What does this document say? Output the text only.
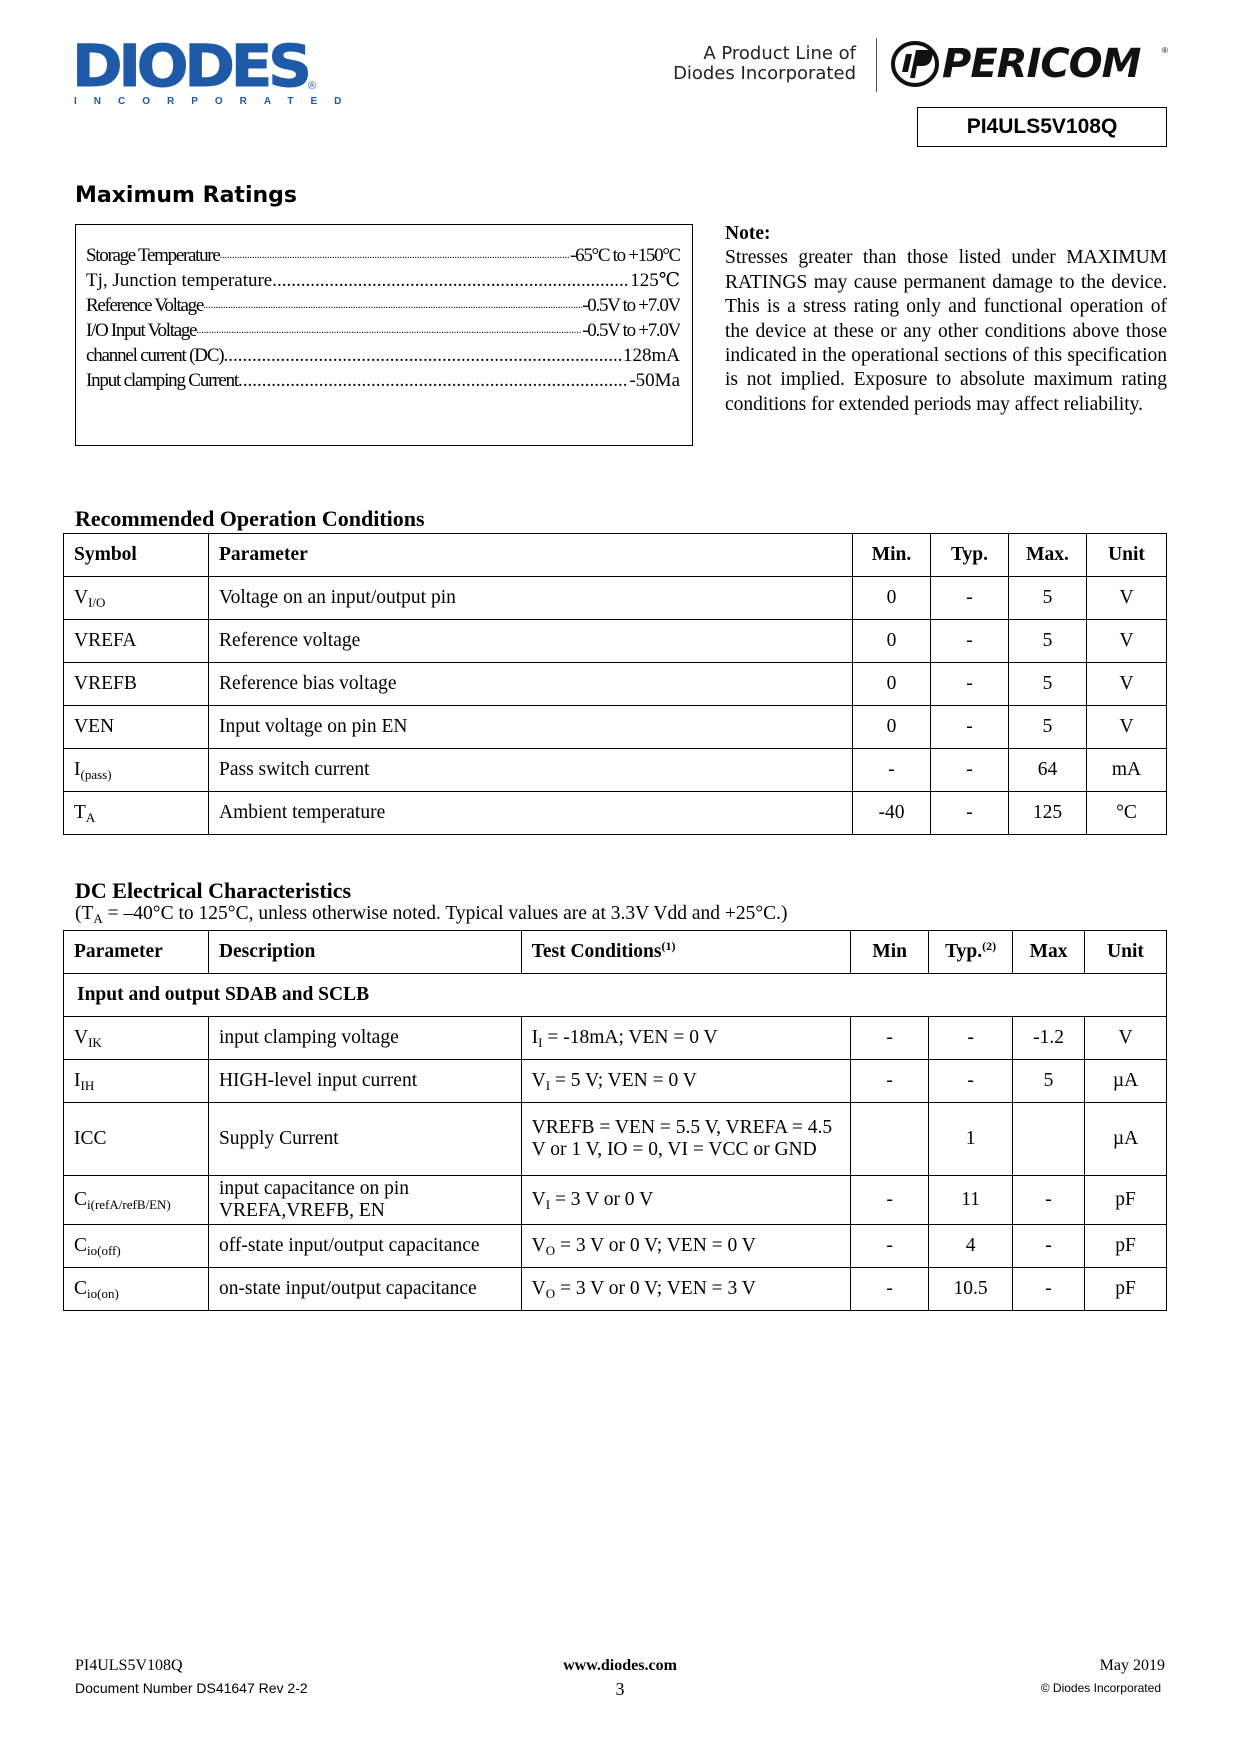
DIODES
INCORPORATED
®
A Product Line of
Diodes Incorporated PERICOM	®
PI4ULS5V108Q
Maximum Ratings
Storage Temperature .....	-65°C to +150°C
Tj, Junction temperature .....	125℃
Reference Voltage .....	-0.5V to +7.0V
I/O Input Voltage .....	-0.5V to +7.0V
channel current (DC) .....	128mA
Input clamping Current .....	-50Ma
Note:
Stresses greater than those listed under MAXIMUM RATINGS may cause permanent damage to the device. This is a stress rating only and functional operation of the device at these or any other conditions above those indicated in the operational sections of this specification is not implied. Exposure to absolute maximum rating conditions for extended periods may affect reliability.
Recommended Operation Conditions
Symbol	Parameter	Min.	Typ.	Max.	Unit
$V_{I/O}$	Voltage on an input/output pin	0	-	5	V
VREFA	Reference voltage	0	-	5	V
VREFB	Reference bias voltage	0	-	5	V
VEN	Input voltage on pin EN	0	-	5	V
$I_{(pass)}$	Pass switch current	-	-	64	mA
$T_A$	Ambient temperature	-40	-	125	°C
DC Electrical Characteristics
($T_A = -40^\circ C$ to 125°C, unless otherwise noted. Typical values are at 3.3V Vdd and +25°C.)
Parameter	Description	Test Conditions$^{(1)}$	Min	Typ.$^{(2)}$	Max	Unit
Input and output SDAB and SCLB						
$V_{IK}$	input clamping voltage	$I_I = -18mA$; VEN = 0 V	-	-	-1.2	V
$I_{IH}$	HIGH-level input current	$V_I = 5$ V; VEN = 0 V	-	-	5	µA
ICC	Supply Current	VREFB = VEN = 5.5 V, VREFA = 4.5 V or 1 V, IO = 0, VI = VCC or GND		1		µA
$C_{i(refA/refB/EN)}$	input capacitance on pin VREFA,VREFB, EN	$V_I = 3$ V or 0 V	-	11	-	pF
$C_{io(off)}$	off-state input/output capacitance	$V_O = 3$ V or 0 V; VEN = 0 V	-	4	-	pF
$C_{io(on)}$	on-state input/output capacitance	$V_O = 3$ V or 0 V; VEN = 3 V	-	10.5	-	pF
PI4ULS5V108Q
Document Number DS41647 Rev 2-2
www.diodes.com
3
May 2019
© Diodes Incorporated
